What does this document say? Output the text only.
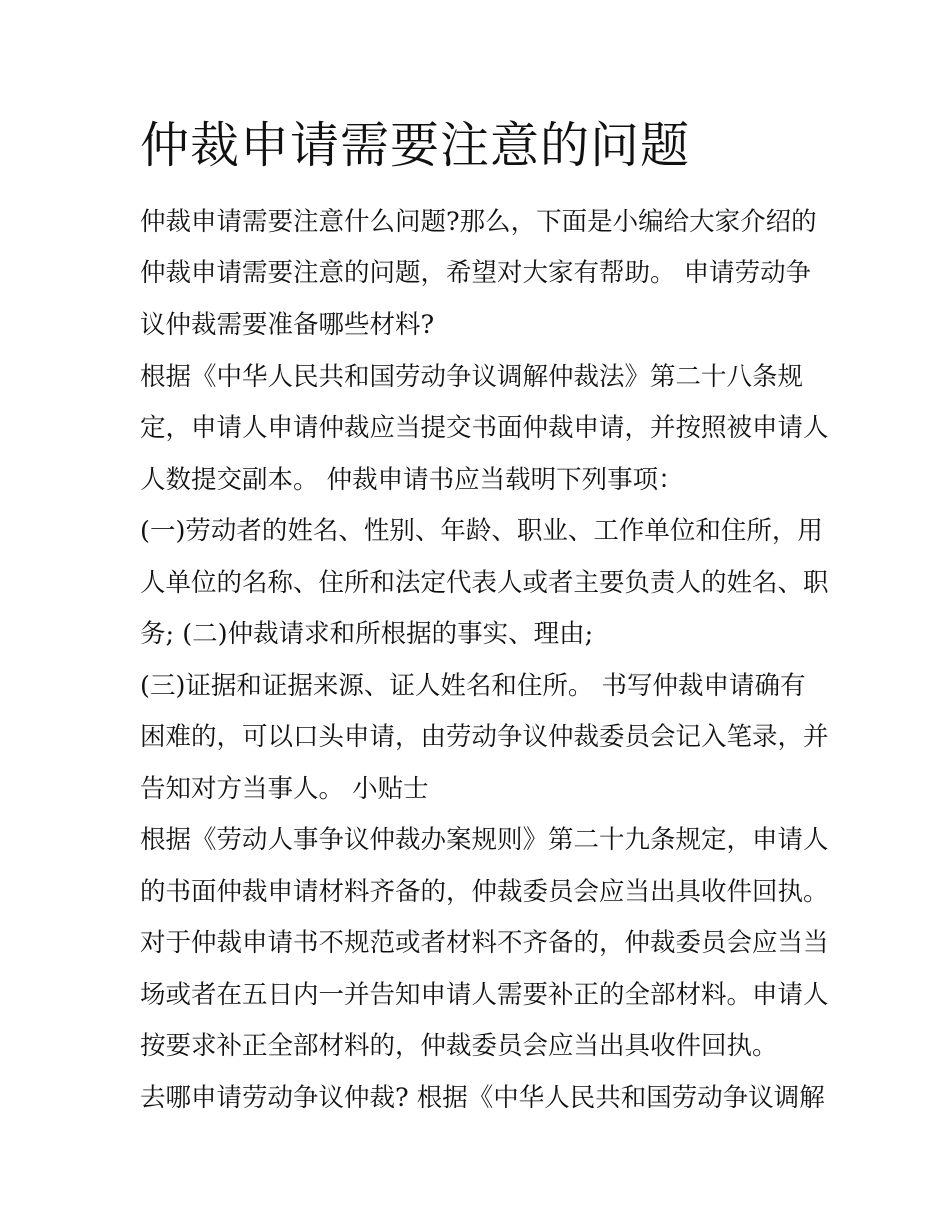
仲裁申请需要注意的问题

仲裁申请需要注意什么问题?那么，下面是小编给大家介绍的

仲裁申请需要注意的问题，希望对大家有帮助。 申请劳动争

议仲裁需要准备哪些材料?

根据《中华人民共和国劳动争议调解仲裁法》第二十八条规

定，申请人申请仲裁应当提交书面仲裁申请，并按照被申请人

人数提交副本。 仲裁申请书应当载明下列事项：

(一)劳动者的姓名、性别、年龄、职业、工作单位和住所，用

人单位的名称、住所和法定代表人或者主要负责人的姓名、职

务; (二)仲裁请求和所根据的事实、理由;

(三)证据和证据来源、证人姓名和住所。 书写仲裁申请确有

困难的，可以口头申请，由劳动争议仲裁委员会记入笔录，并

告知对方当事人。 小贴士

根据《劳动人事争议仲裁办案规则》第二十九条规定，申请人

的书面仲裁申请材料齐备的，仲裁委员会应当出具收件回执。

对于仲裁申请书不规范或者材料不齐备的，仲裁委员会应当当

场或者在五日内一并告知申请人需要补正的全部材料。申请人

按要求补正全部材料的，仲裁委员会应当出具收件回执。

去哪申请劳动争议仲裁? 根据《中华人民共和国劳动争议调解
